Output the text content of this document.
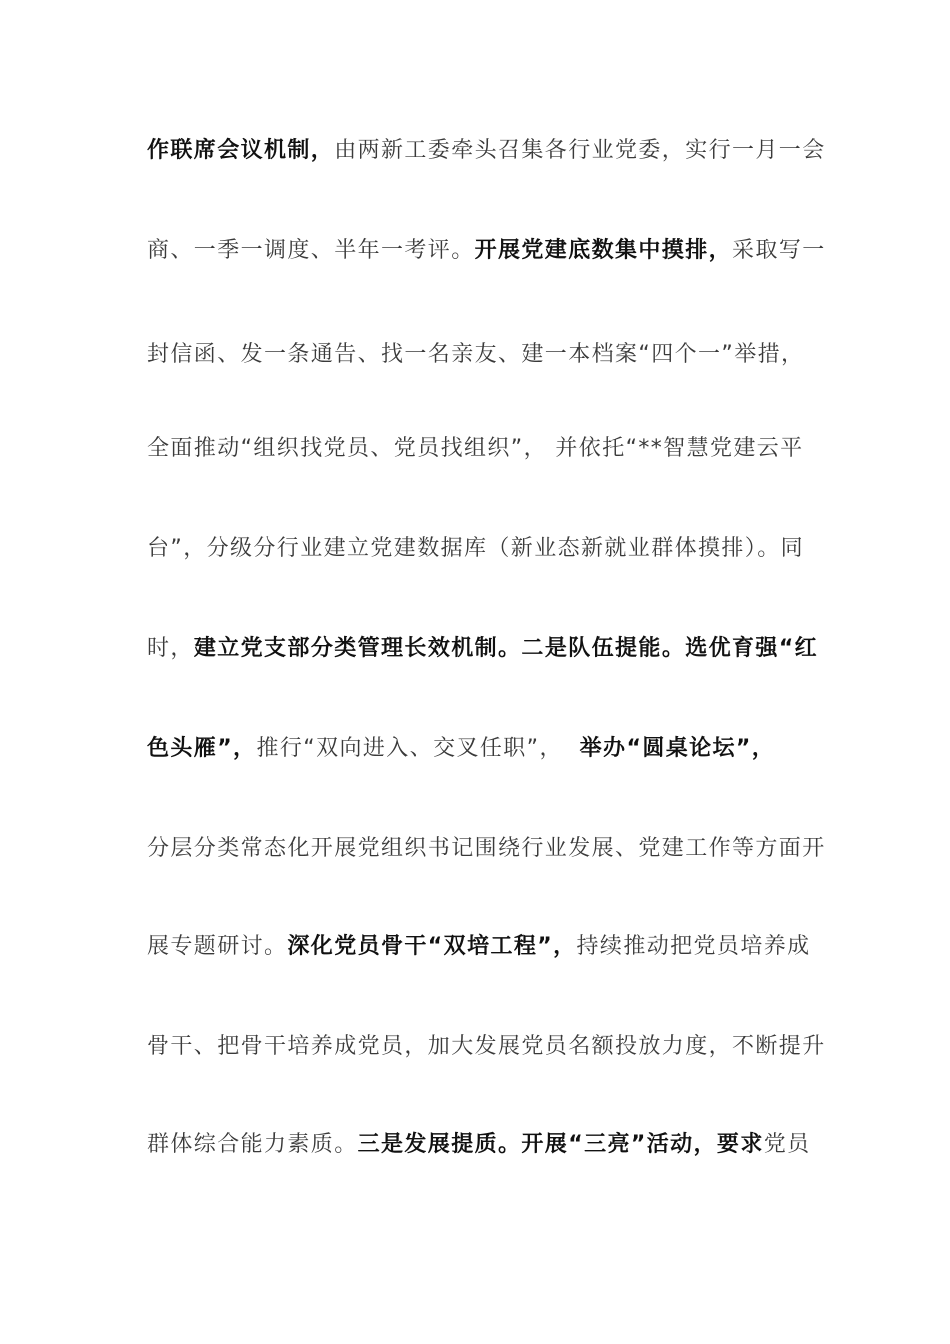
作联席会议机制，由两新工委牵头召集各行业党委，实行一月一会
商、一季一调度、半年一考评。开展党建底数集中摸排，采取写一
封信函、发一条通告、找一名亲友、建一本档案“四个一”举措，
全面推动“组织找党员、党员找组织”， 并依托“**智慧党建云平
台”，分级分行业建立党建数据库（新业态新就业群体摸排）。同
时，建立党支部分类管理长效机制。二是队伍提能。选优育强“红
色头雁”，推行“双向进入、交叉任职”，  举办“圆桌论坛”，
分层分类常态化开展党组织书记围绕行业发展、党建工作等方面开
展专题研讨。深化党员骨干“双培工程”，持续推动把党员培养成
骨干、把骨干培养成党员，加大发展党员名额投放力度，不断提升
群体综合能力素质。三是发展提质。开展“三亮”活动，要求党员
